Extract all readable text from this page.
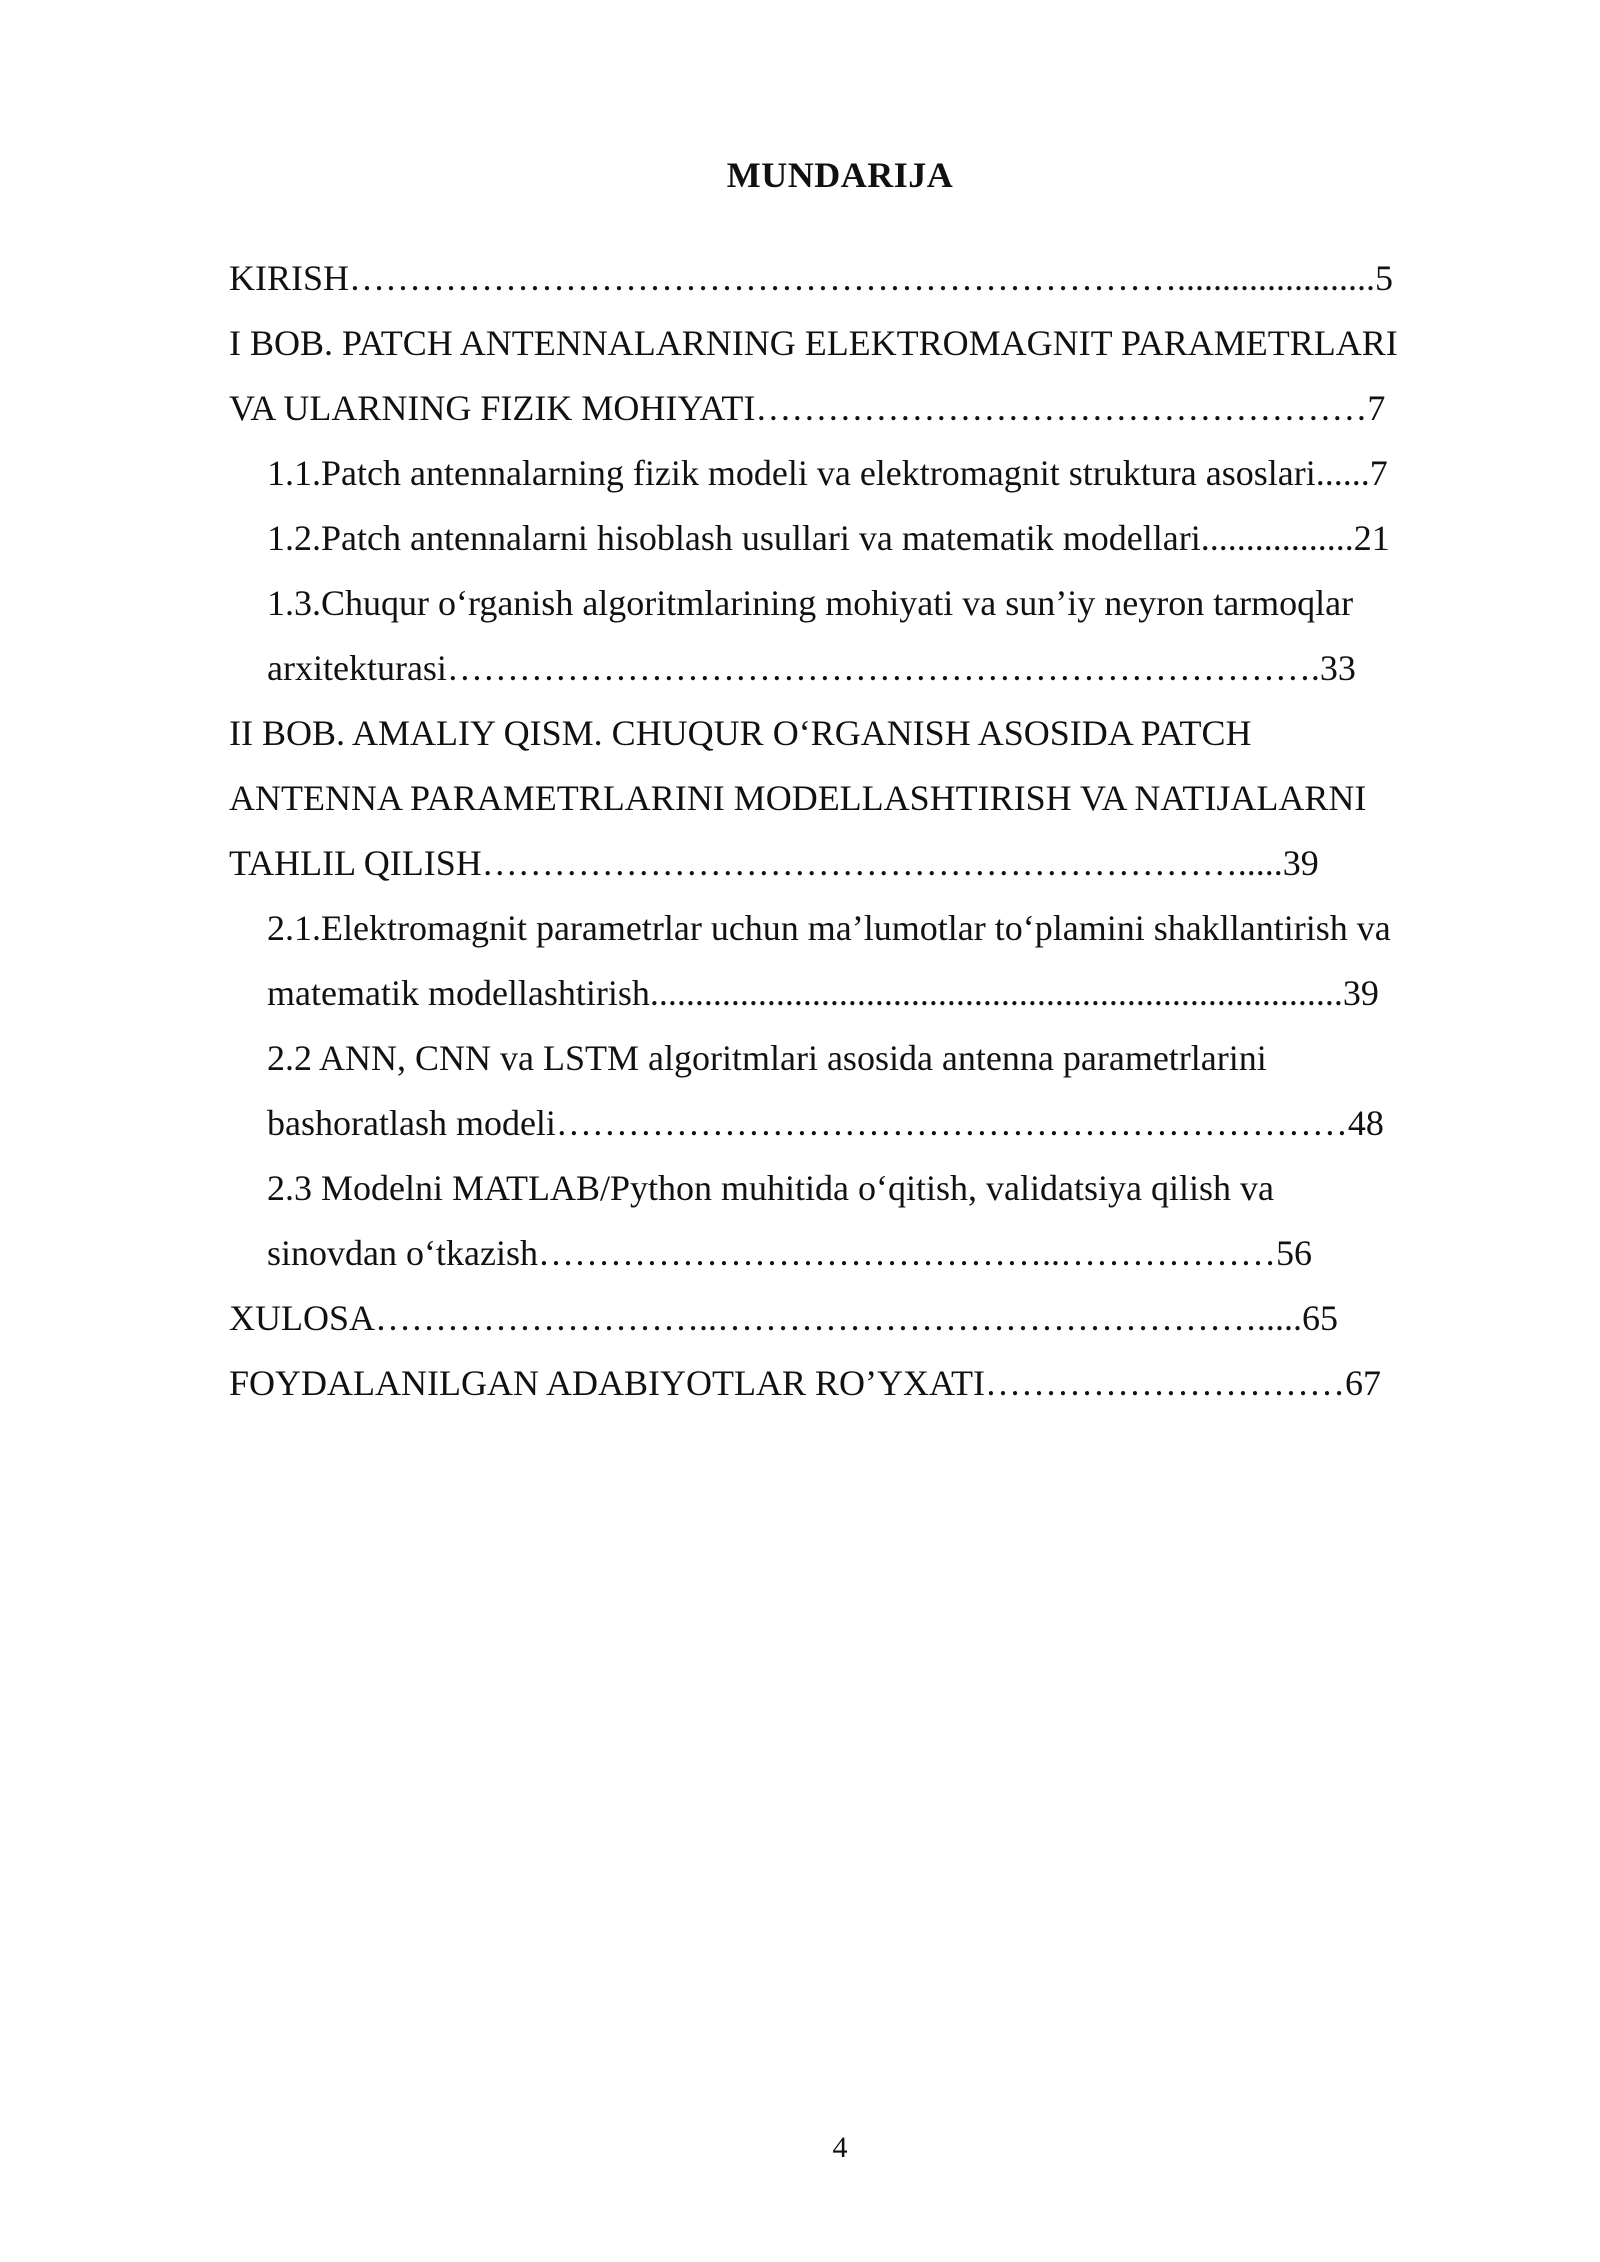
MUNDARIJA
KIRISH……………………………………………………………......................5
I BOB. PATCH ANTENNALARNING ELEKTROMAGNIT PARAMETRLARI
VA ULARNING FIZIK MOHIYATI……………………………………………7
1.1.Patch antennalarning fizik modeli va elektromagnit struktura asoslari......7
1.2.Patch antennalarni hisoblash usullari va matematik modellari.................21
1.3.Chuqur o‘rganish algoritmlarining mohiyati va sun’iy neyron tarmoqlar
arxitekturasi……………………………………………………………….33
II BOB. AMALIY QISM. CHUQUR O‘RGANISH ASOSIDA PATCH
ANTENNA PARAMETRLARINI MODELLASHTIRISH VA NATIJALARNI
TAHLIL QILISH……………………………………………………….....39
2.1.Elektromagnit parametrlar uchun ma’lumotlar to‘plamini shakllantirish va
matematik modellashtirish.............................................................................39
2.2 ANN, CNN va LSTM algoritmlari asosida antenna parametrlarini
bashoratlash modeli…………………………………………………………48
2.3 Modelni MATLAB/Python muhitida o‘qitish, validatsiya qilish va
sinovdan o‘tkazish……………………………………..………………56
XULOSA………………………..……………………………………….....65
FOYDALANILGAN ADABIYOTLAR RO’YXATI…………………………67
4
